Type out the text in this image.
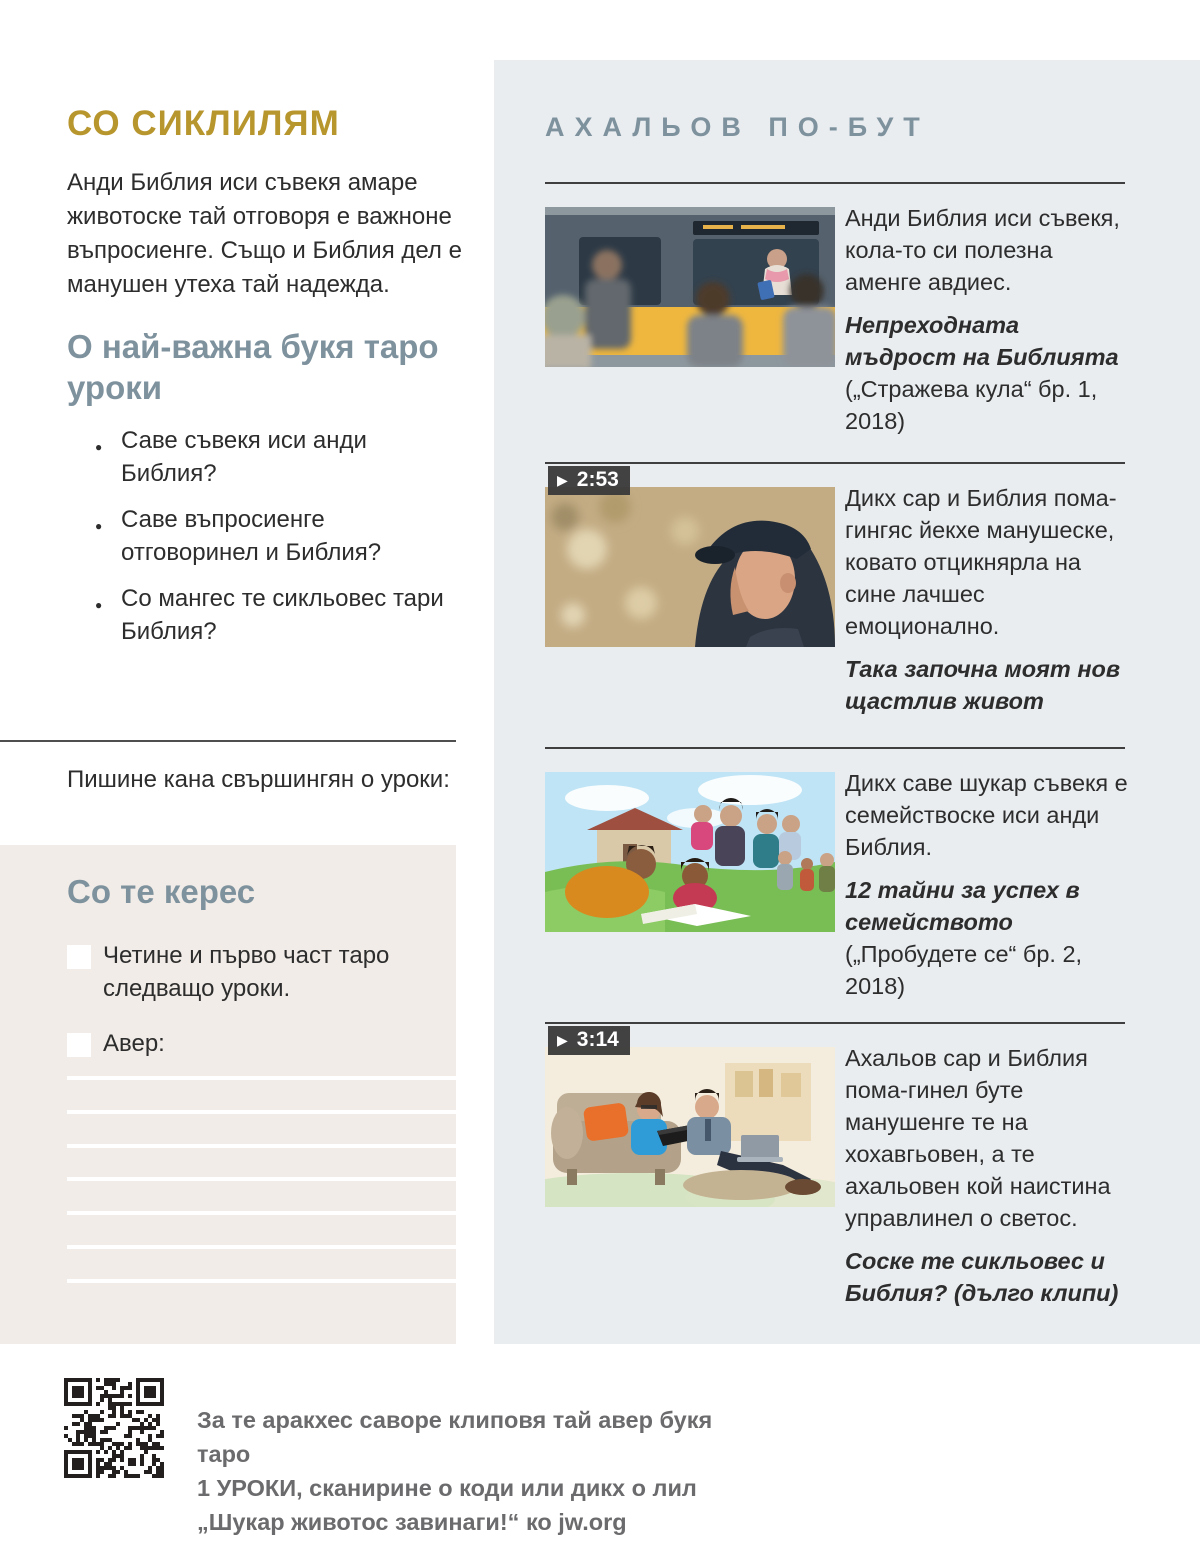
СО СИКЛИЛЯМ
Анди Библия иси съвекя амаре животоске тай отговоря е важноне въпросиенге. Също и Библия дел е манушен утеха тай надежда.
О най-важна букя таро уроки
● Саве съвекя иси анди Библия?
● Саве въпросиенге отговоринел и Библия?
● Со мангес те сикльовес тари Библия?
Пишине кана свършингян о уроки:
Со те керес
Четине и първо част таро следващо уроки.
Авер:
АХАЛЬОВ ПО-БУТ

Анди Библия иси съвекя, кола-то си полезна аменге авдиес.

Непреходната мъдрост на Библията

(„Стражева кула“ бр. 1, 2018)

▶ 2:53

Дикх сар и Библия пома-гингяс йекхе манушеске, ковато отцикнярла на сине лачшес емоционално.

Така започна моят нов щастлив живот

Дикх саве шукар съвекя е семействоске иси анди Библия.

12 тайни за успех в семейството

(„Пробудете се“ бр. 2, 2018)

▶ 3:14

Ахальов сар и Библия пома-гинел буте манушенге те на хохавгьовен, а те ахальовен кой наистина управлинел о светос.

Соске те сикльовес и Библия? (дълго клипи)

За те аракхес саворе клиповя тай авер букя таро
1 УРОКИ, сканирине о коди или дикх о лил
„Шукар животос завинаги!“ ко jw.org
